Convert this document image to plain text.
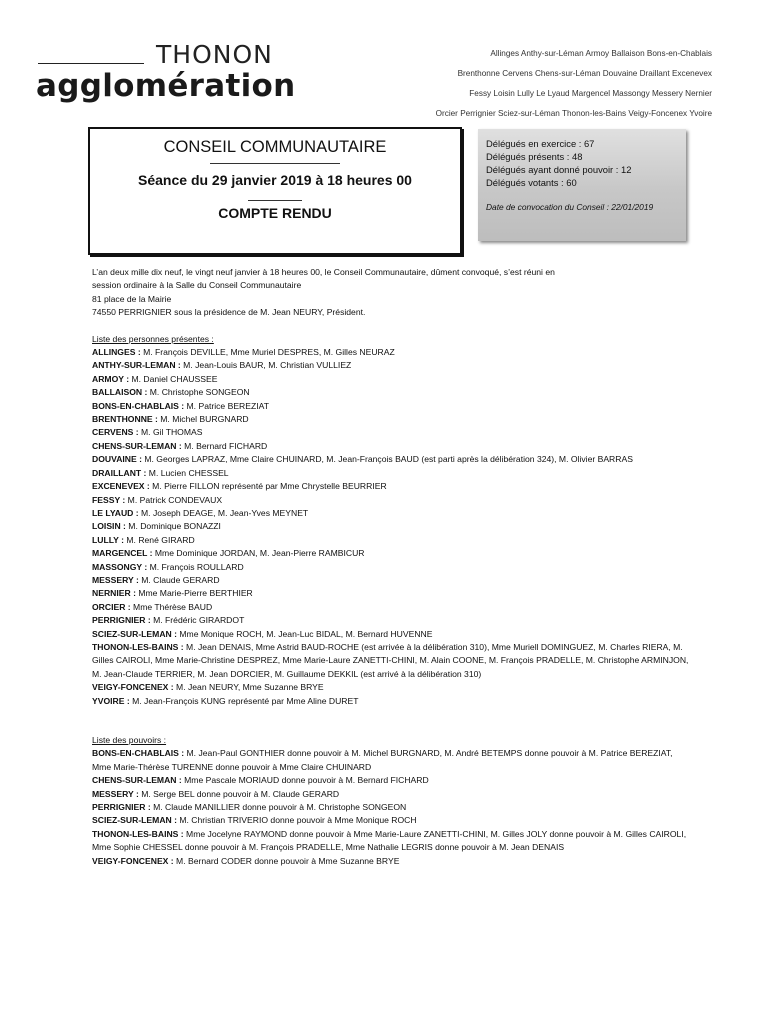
THONON
agglomération
Allinges Anthy-sur-Léman Armoy Ballaison Bons-en-Chablais
Brenthonne Cervens Chens-sur-Léman Douvaine Draillant Excenevex
Fessy Loisin Lully Le Lyaud Margencel Massongy Messery Nernier
Orcier Perrignier Sciez-sur-Léman Thonon-les-Bains Veigy-Foncenex Yvoire
CONSEIL COMMUNAUTAIRE
Séance du 29 janvier 2019 à 18 heures 00
COMPTE RENDU
Délégués en exercice : 67
Délégués présents : 48
Délégués ayant donné pouvoir : 12
Délégués votants : 60
Date de convocation du Conseil : 22/01/2019

L’an deux mille dix neuf, le vingt neuf janvier à 18 heures 00, le Conseil Communautaire, dûment convoqué, s’est réuni en

session ordinaire à la Salle du Conseil Communautaire

81 place de la Mairie

74550 PERRIGNIER sous la présidence de M. Jean NEURY, Président.

Liste des personnes présentes :

ALLINGES : M. François DEVILLE, Mme Muriel DESPRES, M. Gilles NEURAZ

ANTHY-SUR-LEMAN : M. Jean-Louis BAUR, M. Christian VULLIEZ

ARMOY : M. Daniel CHAUSSEE

BALLAISON : M. Christophe SONGEON

BONS-EN-CHABLAIS : M. Patrice BEREZIAT

BRENTHONNE : M. Michel BURGNARD

CERVENS : M. Gil THOMAS

CHENS-SUR-LEMAN : M. Bernard FICHARD

DOUVAINE : M. Georges LAPRAZ, Mme Claire CHUINARD, M. Jean-François BAUD (est parti après la délibération 324), M. Olivier BARRAS

DRAILLANT : M. Lucien CHESSEL

EXCENEVEX : M. Pierre FILLON représenté par Mme Chrystelle BEURRIER

FESSY : M. Patrick CONDEVAUX

LE LYAUD : M. Joseph DEAGE, M. Jean-Yves MEYNET

LOISIN : M. Dominique BONAZZI

LULLY : M. René GIRARD

MARGENCEL : Mme Dominique JORDAN, M. Jean-Pierre RAMBICUR

MASSONGY : M. François ROULLARD

MESSERY : M. Claude GERARD

NERNIER : Mme Marie-Pierre BERTHIER

ORCIER : Mme Thérèse BAUD

PERRIGNIER : M. Frédéric GIRARDOT

SCIEZ-SUR-LEMAN : Mme Monique ROCH, M. Jean-Luc BIDAL, M. Bernard HUVENNE

THONON-LES-BAINS : M. Jean DENAIS, Mme Astrid BAUD-ROCHE (est arrivée à la délibération 310), Mme Muriell DOMINGUEZ, M. Charles RIERA, M. Gilles CAIROLI, Mme Marie-Christine DESPREZ, Mme Marie-Laure ZANETTI-CHINI, M. Alain COONE, M. François PRADELLE, M. Christophe ARMINJON, M. Jean-Claude TERRIER, M. Jean DORCIER, M. Guillaume DEKKIL (est arrivé à la délibération 310)

VEIGY-FONCENEX : M. Jean NEURY, Mme Suzanne BRYE

YVOIRE : M. Jean-François KUNG représenté par Mme Aline DURET

Liste des pouvoirs :

BONS-EN-CHABLAIS : M. Jean-Paul GONTHIER donne pouvoir à M. Michel BURGNARD, M. André BETEMPS donne pouvoir à M. Patrice BEREZIAT, Mme Marie-Thérèse TURENNE donne pouvoir à Mme Claire CHUINARD

CHENS-SUR-LEMAN : Mme Pascale MORIAUD donne pouvoir à M. Bernard FICHARD

MESSERY : M. Serge BEL donne pouvoir à M. Claude GERARD

PERRIGNIER : M. Claude MANILLIER donne pouvoir à M. Christophe SONGEON

SCIEZ-SUR-LEMAN : M. Christian TRIVERIO donne pouvoir à Mme Monique ROCH

THONON-LES-BAINS : Mme Jocelyne RAYMOND donne pouvoir à Mme Marie-Laure ZANETTI-CHINI, M. Gilles JOLY donne pouvoir à M. Gilles CAIROLI, Mme Sophie CHESSEL donne pouvoir à M. François PRADELLE, Mme Nathalie LEGRIS donne pouvoir à M. Jean DENAIS

VEIGY-FONCENEX : M. Bernard CODER donne pouvoir à Mme Suzanne BRYE
